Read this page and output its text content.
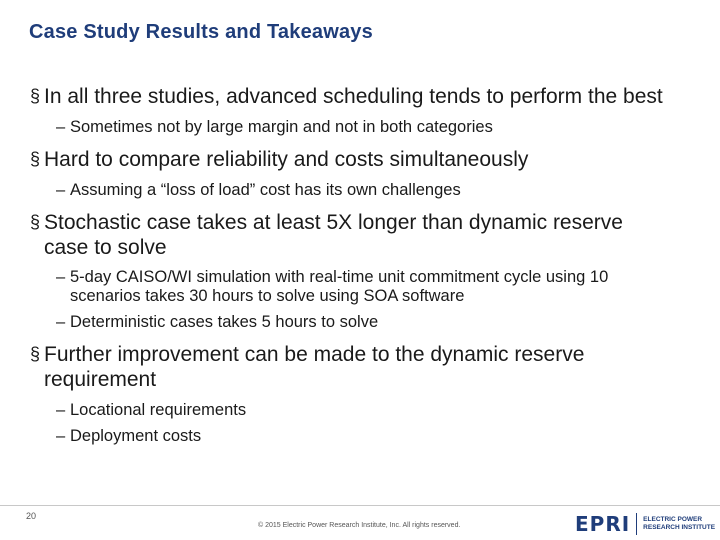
Case Study Results and Takeaways
§ In all three studies, advanced scheduling tends to perform the best
– Sometimes not by large margin and not in both categories
§ Hard to compare reliability and costs simultaneously
– Assuming a “loss of load” cost has its own challenges
§ Stochastic case takes at least 5X longer than dynamic reserve case to solve
– 5-day CAISO/WI simulation with real-time unit commitment cycle using 10 scenarios takes 30 hours to solve using SOA software
– Deterministic cases takes 5 hours to solve
§ Further improvement can be made to the dynamic reserve requirement
– Locational requirements
– Deployment costs
20
© 2015 Electric Power Research Institute, Inc. All rights reserved.	EPRI ELECTRIC POWER RESEARCH INSTITUTE
